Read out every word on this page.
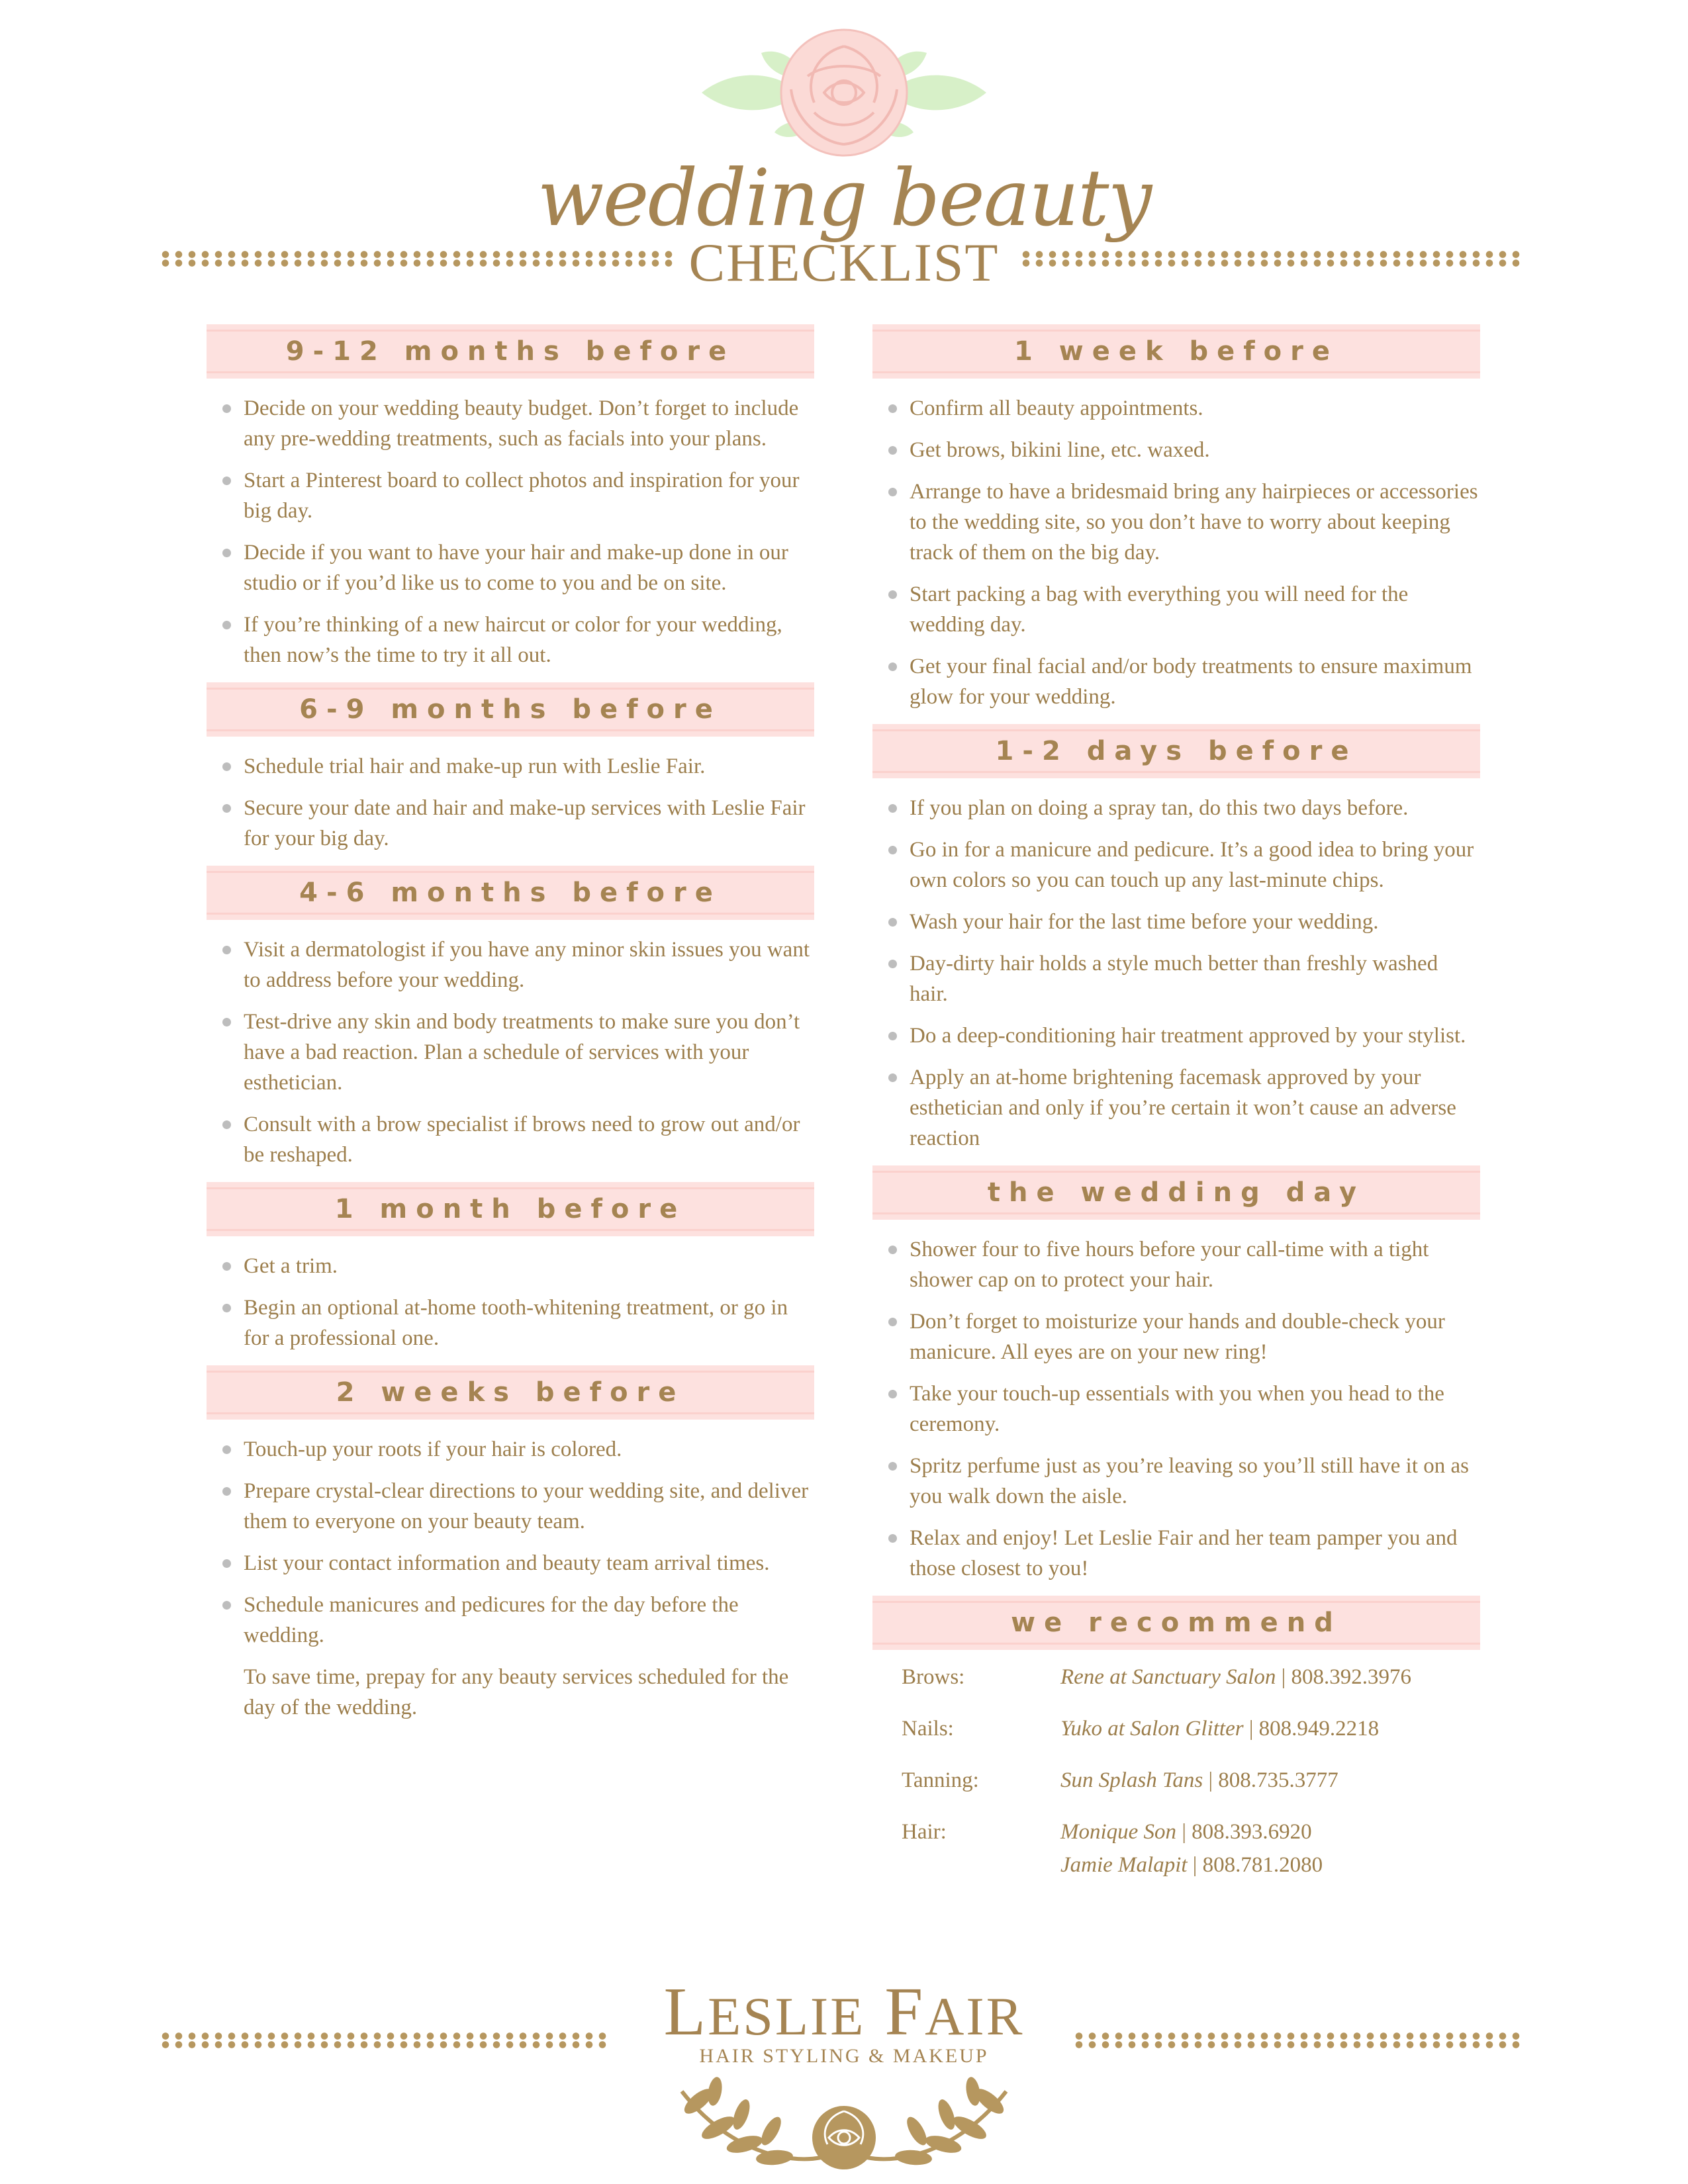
wedding beauty
CHECKLIST
9-12 months before
Decide on your wedding beauty budget. Don’t forget to include any pre-wedding treatments, such as facials into your plans.
Start a Pinterest board to collect photos and inspiration for your big day.
Decide if you want to have your hair and make-up done in our studio or if you’d like us to come to you and be on site.
If you’re thinking of a new haircut or color for your wedding, then now’s the time to try it all out.
6-9 months before
Schedule trial hair and make-up run with Leslie Fair.
Secure your date and hair and make-up services with Leslie Fair for your big day.
4-6 months before
Visit a dermatologist if you have any minor skin issues you want to address before your wedding.
Test-drive any skin and body treatments to make sure you don’t have a bad reaction. Plan a schedule of services with your esthetician.
Consult with a brow specialist if brows need to grow out and/or be reshaped.
1 month before
Get a trim.
Begin an optional at-home tooth-whitening treatment, or go in for a professional one.
2 weeks before
Touch-up your roots if your hair is colored.
Prepare crystal-clear directions to your wedding site, and deliver them to everyone on your beauty team.
List your contact information and beauty team arrival times.
Schedule manicures and pedicures for the day before the wedding.
To save time, prepay for any beauty services scheduled for the day of the wedding.
1 week before
Confirm all beauty appointments.
Get brows, bikini line, etc. waxed.
Arrange to have a bridesmaid bring any hairpieces or accessories to the wedding site, so you don’t have to worry about keeping track of them on the big day.
Start packing a bag with everything you will need for the wedding day.
Get your final facial and/or body treatments to ensure maximum glow for your wedding.
1-2 days before
If you plan on doing a spray tan, do this two days before.
Go in for a manicure and pedicure. It’s a good idea to bring your own colors so you can touch up any last-minute chips.
Wash your hair for the last time before your wedding.
Day-dirty hair holds a style much better than freshly washed hair.
Do a deep-conditioning hair treatment approved by your stylist.
Apply an at-home brightening facemask approved by your esthetician and only if you’re certain it won’t cause an adverse reaction
the wedding day
Shower four to five hours before your call-time with a tight shower cap on to protect your hair.
Don’t forget to moisturize your hands and double-check your manicure. All eyes are on your new ring!
Take your touch-up essentials with you when you head to the ceremony.
Spritz perfume just as you’re leaving so you’ll still have it on as you walk down the aisle.
Relax and enjoy! Let Leslie Fair and her team pamper you and those closest to you!
we recommend
Brows:	Rene at Sanctuary Salon | 808.392.3976
Nails:	Yuko at Salon Glitter | 808.949.2218
Tanning:	Sun Splash Tans | 808.735.3777
Hair:	Monique Son | 808.393.6920
Jamie Malapit | 808.781.2080
LESLIE FAIR
HAIR STYLING & MAKEUP
